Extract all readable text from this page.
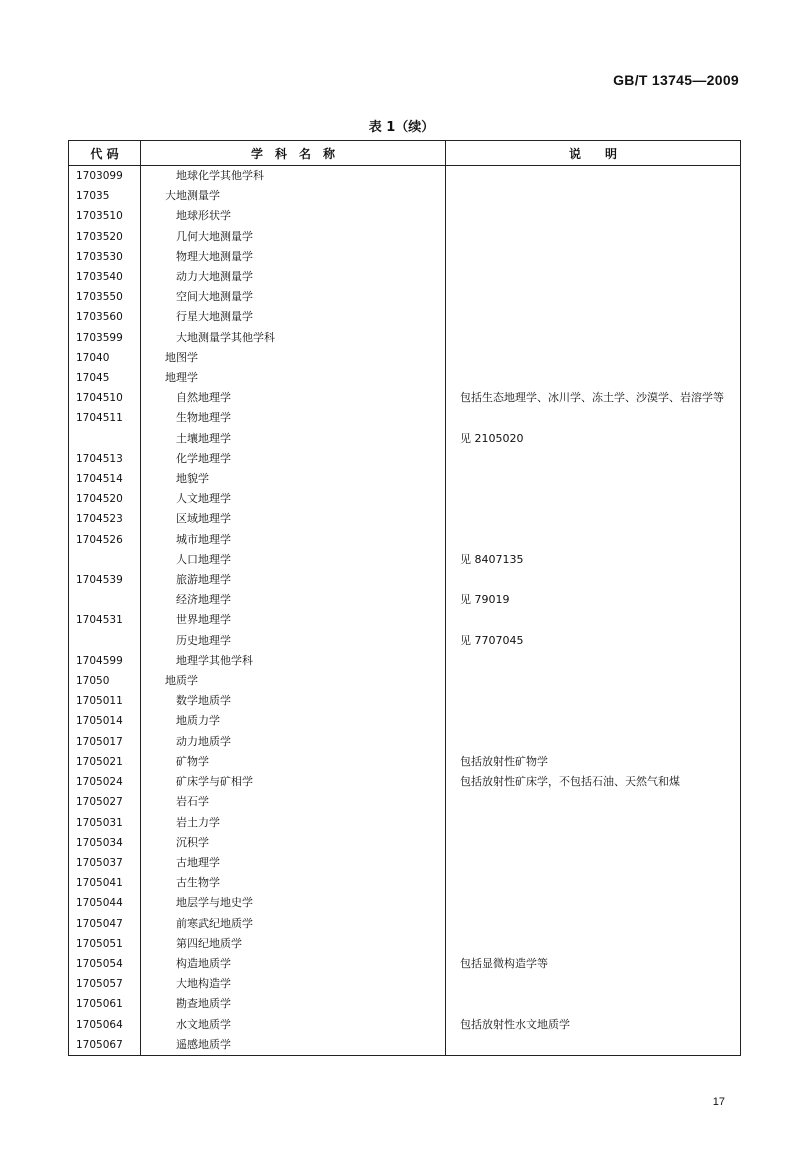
GB/T 13745—2009
表 1（续）
代 码	学　科　名　称	说　　明
1703099	地球化学其他学科	

17035	大地测量学	

1703510	地球形状学	

1703520	几何大地测量学	

1703530	物理大地测量学	

1703540	动力大地测量学	

1703550	空间大地测量学	

1703560	行星大地测量学	

1703599	大地测量学其他学科	

17040	地图学	

17045	地理学	

1704510	自然地理学	包括生态地理学、冰川学、冻土学、沙漠学、岩溶学等
1704511	生物地理学	

	土壤地理学	见 2105020
1704513	化学地理学	

1704514	地貌学	

1704520	人文地理学	

1704523	区域地理学	

1704526	城市地理学	

	人口地理学	见 8407135
1704539	旅游地理学	

	经济地理学	见 79019
1704531	世界地理学	

	历史地理学	见 7707045
1704599	地理学其他学科	

17050	地质学	

1705011	数学地质学	

1705014	地质力学	

1705017	动力地质学	

1705021	矿物学	包括放射性矿物学
1705024	矿床学与矿相学	包括放射性矿床学，不包括石油、天然气和煤
1705027	岩石学	

1705031	岩土力学	

1705034	沉积学	

1705037	古地理学	

1705041	古生物学	

1705044	地层学与地史学	

1705047	前寒武纪地质学	

1705051	第四纪地质学	

1705054	构造地质学	包括显微构造学等
1705057	大地构造学	

1705061	勘查地质学	

1705064	水文地质学	包括放射性水文地质学
1705067	遥感地质学	

17
